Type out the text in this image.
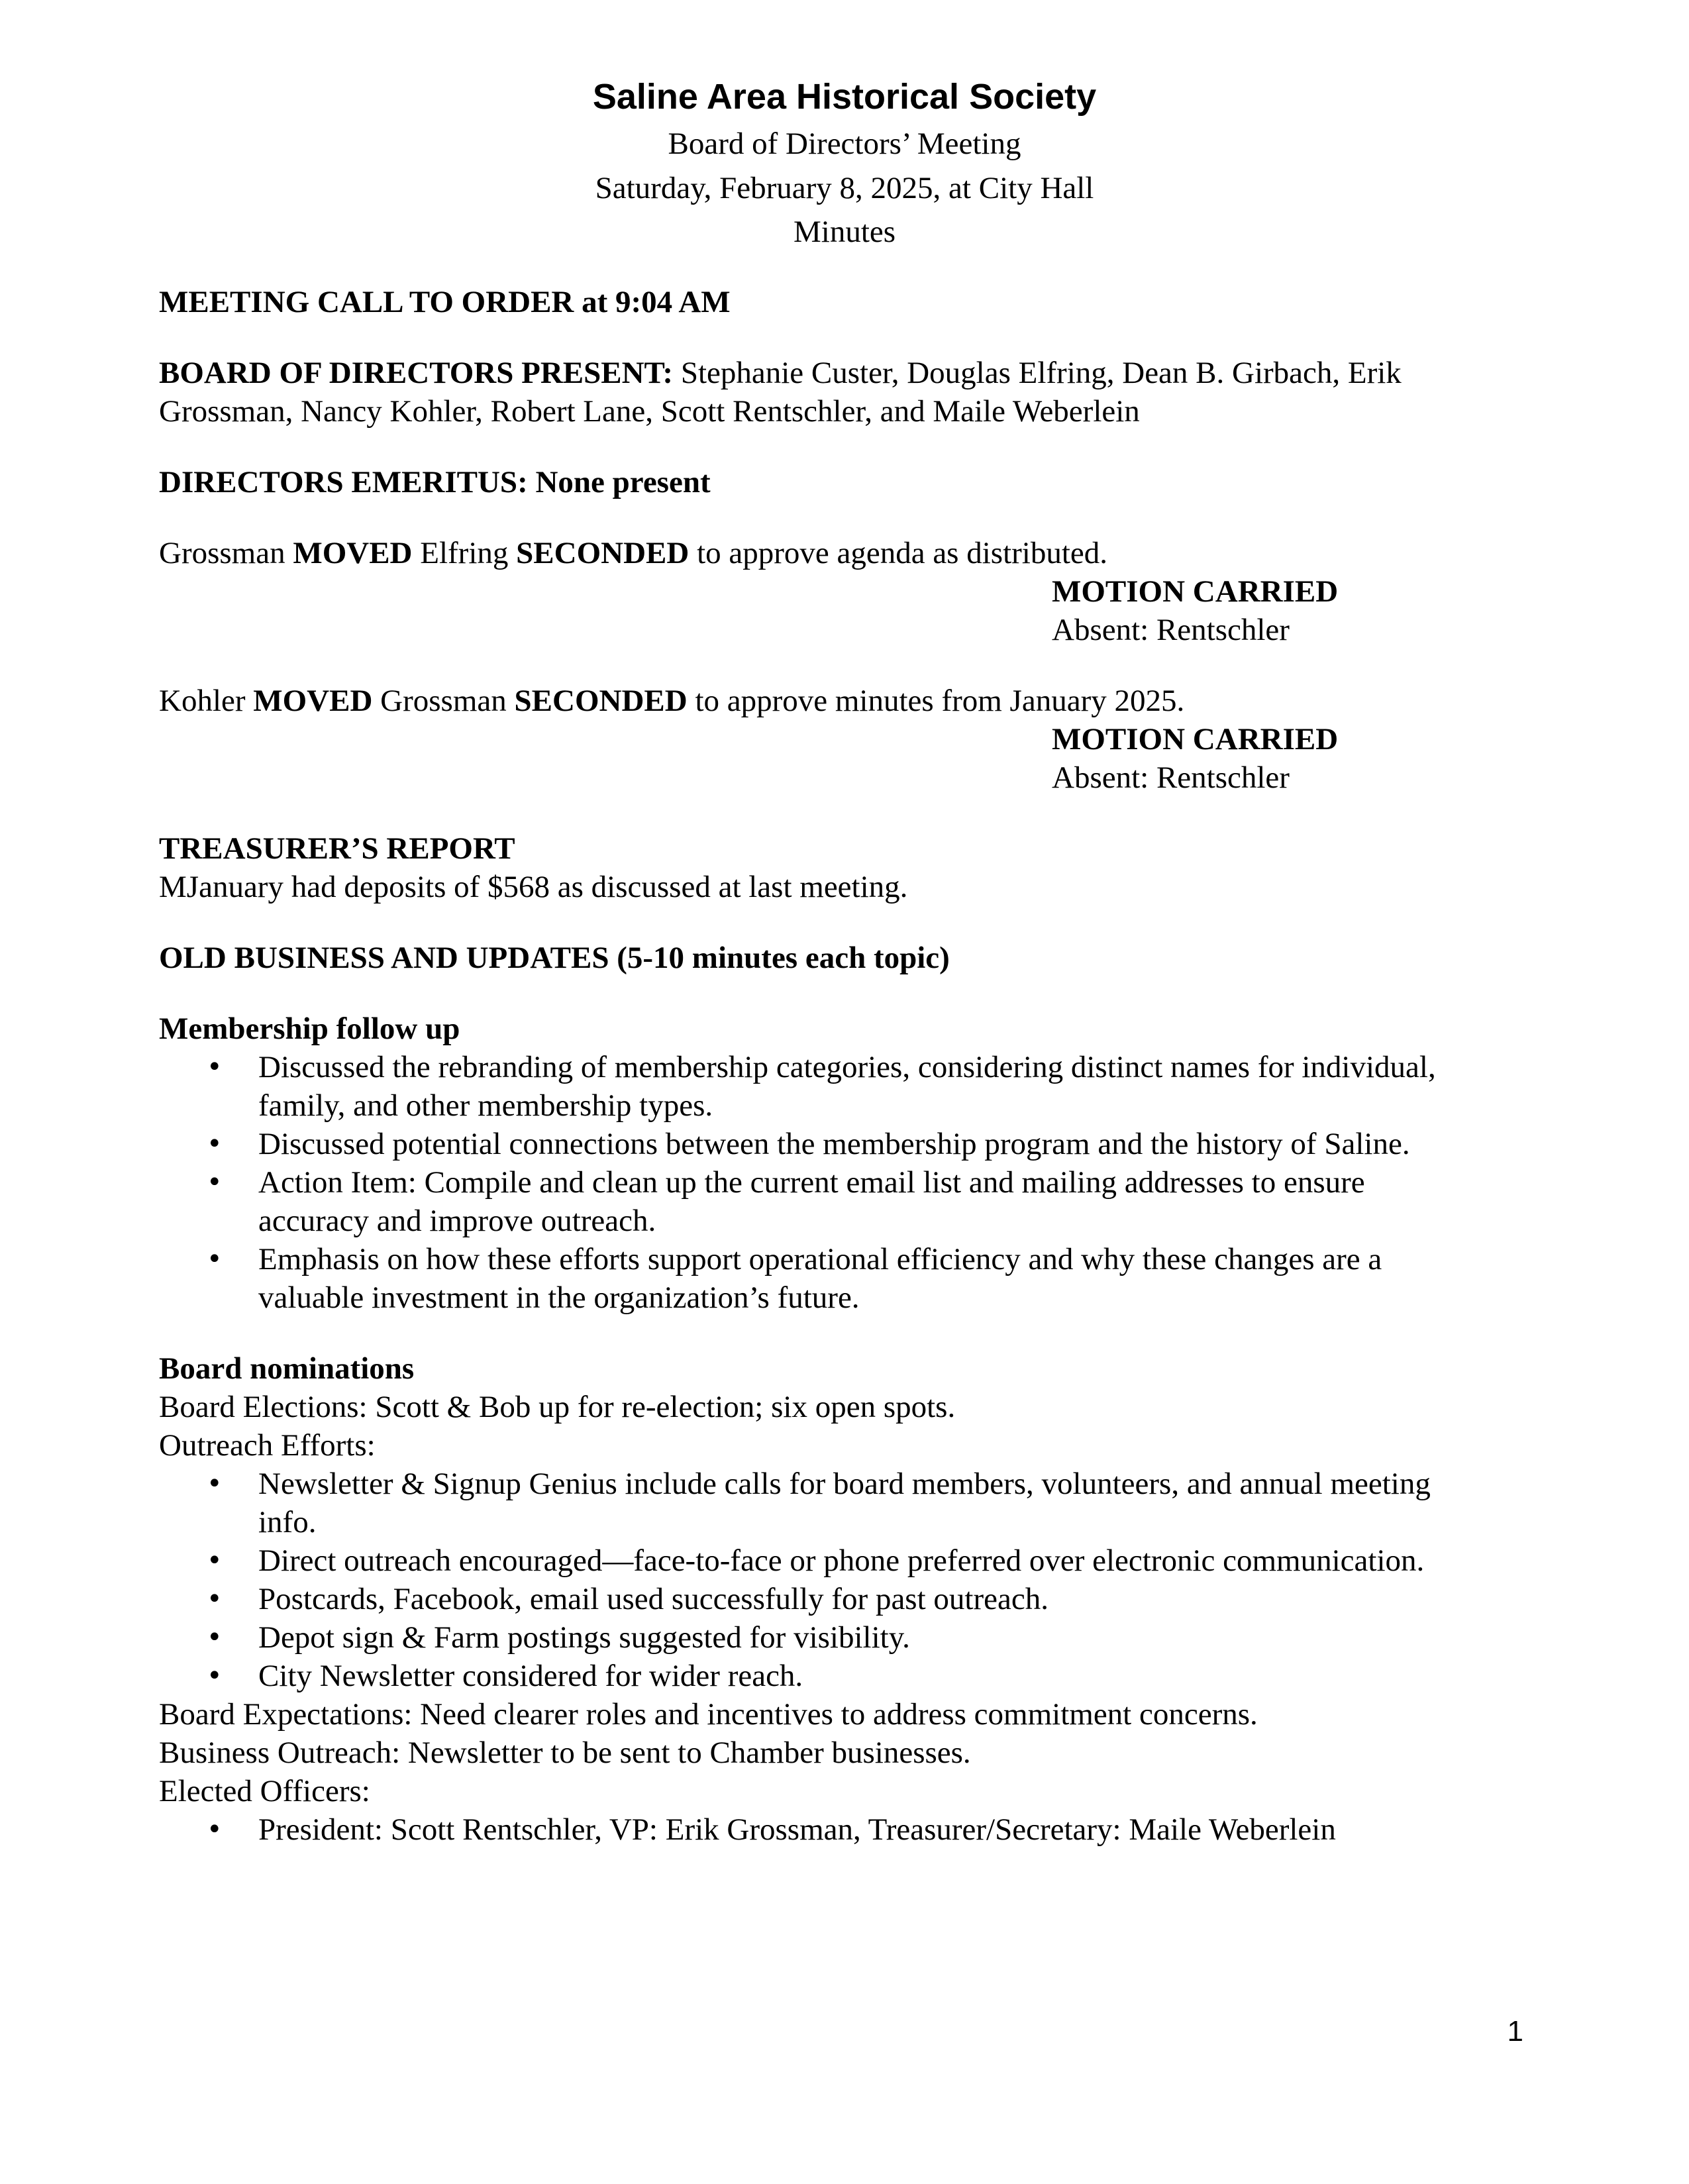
Saline Area Historical Society
Board of Directors’ Meeting
Saturday, February 8, 2025, at City Hall
Minutes

MEETING CALL TO ORDER at 9:04 AM

BOARD OF DIRECTORS PRESENT: Stephanie Custer, Douglas Elfring, Dean B. Girbach, Erik

Grossman, Nancy Kohler, Robert Lane, Scott Rentschler, and Maile Weberlein

DIRECTORS EMERITUS: None present

Grossman MOVED Elfring SECONDED to approve agenda as distributed.

MOTION CARRIED

Absent: Rentschler

Kohler MOVED Grossman SECONDED to approve minutes from January 2025.

MOTION CARRIED

Absent: Rentschler

TREASURER’S REPORT

MJanuary had deposits of $568 as discussed at last meeting.

OLD BUSINESS AND UPDATES (5-10 minutes each topic)

Membership follow up

• Discussed the rebranding of membership categories, considering distinct names for individual,
family, and other membership types.
• Discussed potential connections between the membership program and the history of Saline.
• Action Item: Compile and clean up the current email list and mailing addresses to ensure
accuracy and improve outreach.
• Emphasis on how these efforts support operational efficiency and why these changes are a
valuable investment in the organization’s future.

Board nominations

Board Elections: Scott & Bob up for re-election; six open spots.

Outreach Efforts:

• Newsletter & Signup Genius include calls for board members, volunteers, and annual meeting
info.
• Direct outreach encouraged—face-to-face or phone preferred over electronic communication.
• Postcards, Facebook, email used successfully for past outreach.
• Depot sign & Farm postings suggested for visibility.
• City Newsletter considered for wider reach.

Board Expectations: Need clearer roles and incentives to address commitment concerns.

Business Outreach: Newsletter to be sent to Chamber businesses.

Elected Officers:

• President: Scott Rentschler, VP: Erik Grossman, Treasurer/Secretary: Maile Weberlein
1
